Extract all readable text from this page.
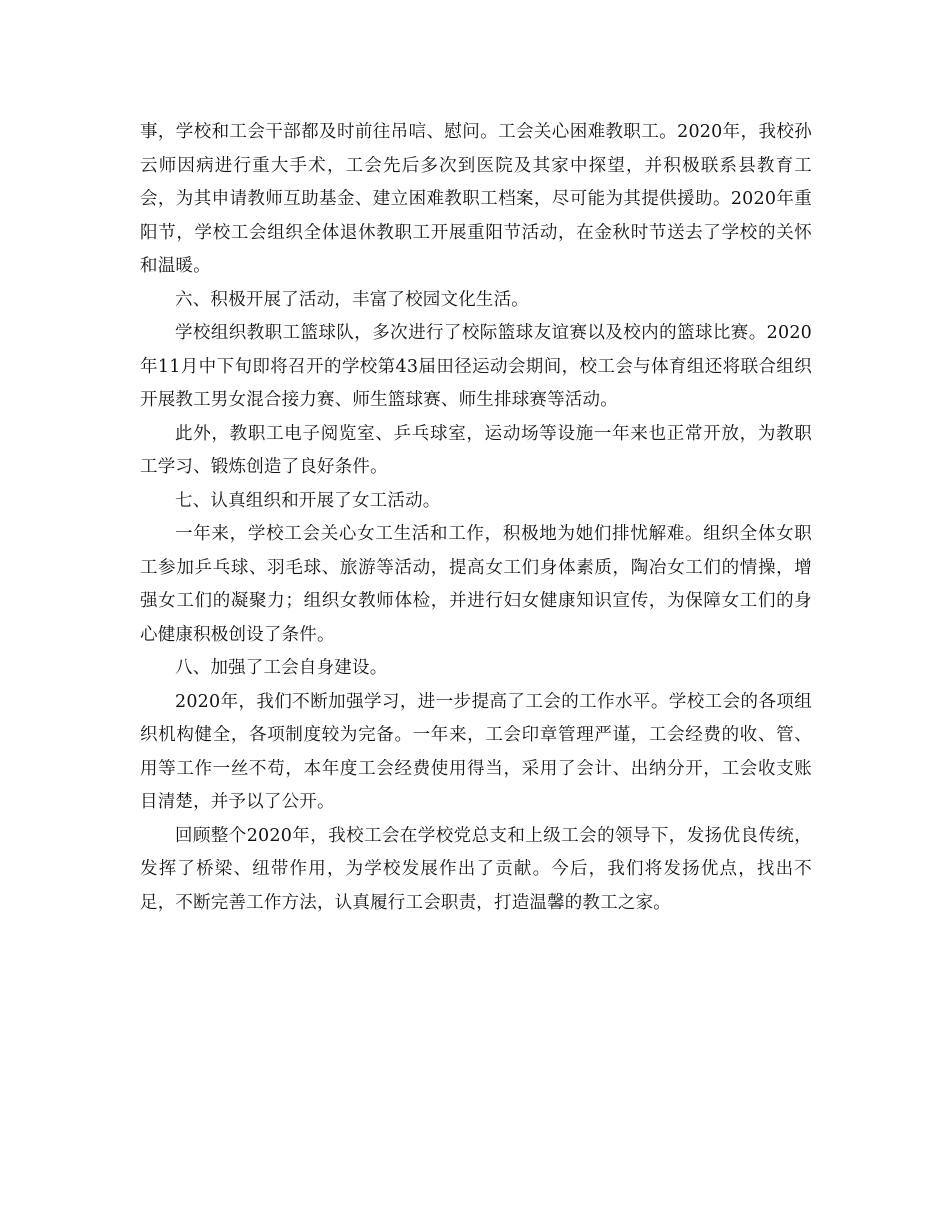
事，学校和工会干部都及时前往吊唁、慰问。工会关心困难教职工。2020年，我校孙云师因病进行重大手术，工会先后多次到医院及其家中探望，并积极联系县教育工会，为其申请教师互助基金、建立困难教职工档案，尽可能为其提供援助。2020年重阳节，学校工会组织全体退休教职工开展重阳节活动，在金秋时节送去了学校的关怀和温暖。

六、积极开展了活动，丰富了校园文化生活。

学校组织教职工篮球队，多次进行了校际篮球友谊赛以及校内的篮球比赛。2020年11月中下旬即将召开的学校第43届田径运动会期间，校工会与体育组还将联合组织开展教工男女混合接力赛、师生篮球赛、师生排球赛等活动。

此外，教职工电子阅览室、乒乓球室，运动场等设施一年来也正常开放，为教职工学习、锻炼创造了良好条件。

七、认真组织和开展了女工活动。

一年来，学校工会关心女工生活和工作，积极地为她们排忧解难。组织全体女职工参加乒乓球、羽毛球、旅游等活动，提高女工们身体素质，陶冶女工们的情操，增强女工们的凝聚力；组织女教师体检，并进行妇女健康知识宣传，为保障女工们的身心健康积极创设了条件。

八、加强了工会自身建设。

2020年，我们不断加强学习，进一步提高了工会的工作水平。学校工会的各项组织机构健全，各项制度较为完备。一年来，工会印章管理严谨，工会经费的收、管、用等工作一丝不苟，本年度工会经费使用得当，采用了会计、出纳分开，工会收支账目清楚，并予以了公开。

回顾整个2020年，我校工会在学校党总支和上级工会的领导下，发扬优良传统，发挥了桥梁、纽带作用，为学校发展作出了贡献。今后，我们将发扬优点，找出不足，不断完善工作方法，认真履行工会职责，打造温馨的教工之家。
